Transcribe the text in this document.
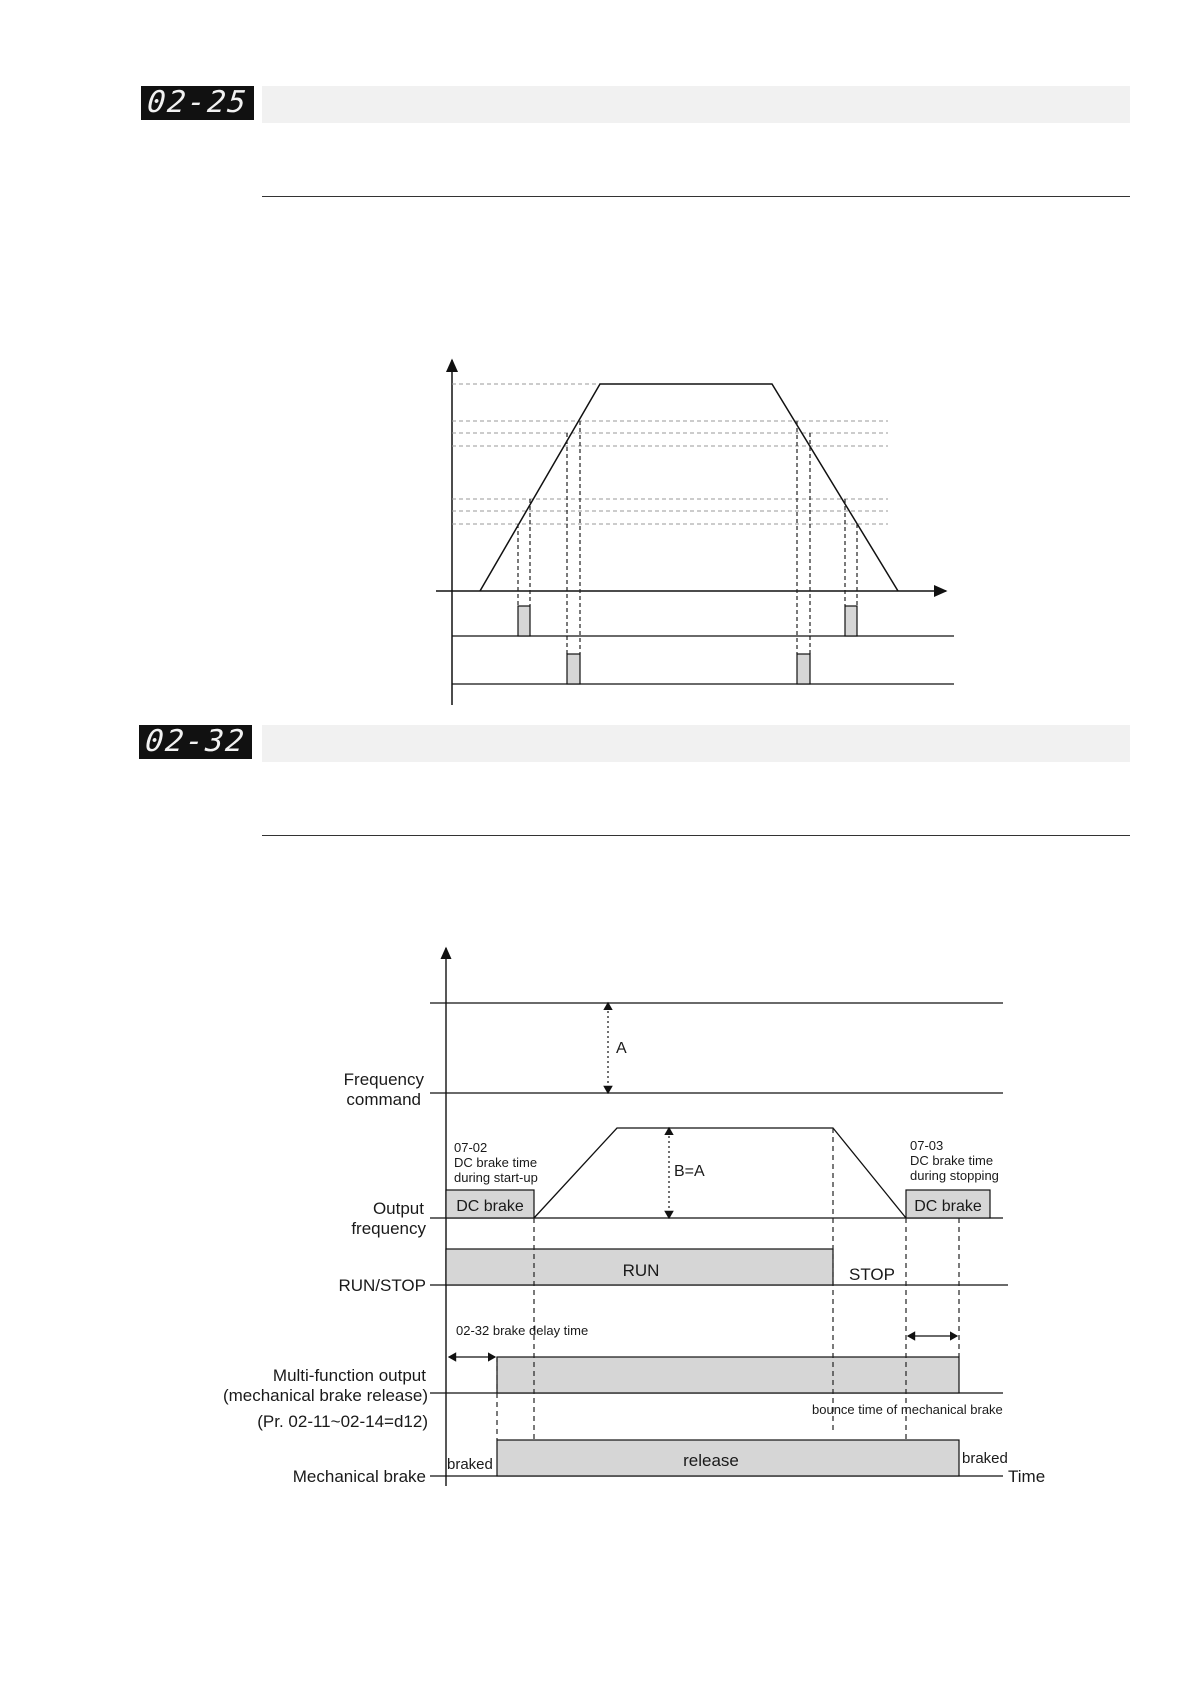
02-25
02-32
A
B=A
DC brake	DC brake
07-02
DC brake time
during start-up
07-03
DC brake time
during stopping
RUN	STOP
02-32 brake delay time
bounce time of mechanical brake
release
braked	braked
Time
Frequency
command
Output
frequency
RUN/STOP
Multi-function output
(mechanical brake release)
(Pr. 02-11~02-14=d12)
Mechanical brake
